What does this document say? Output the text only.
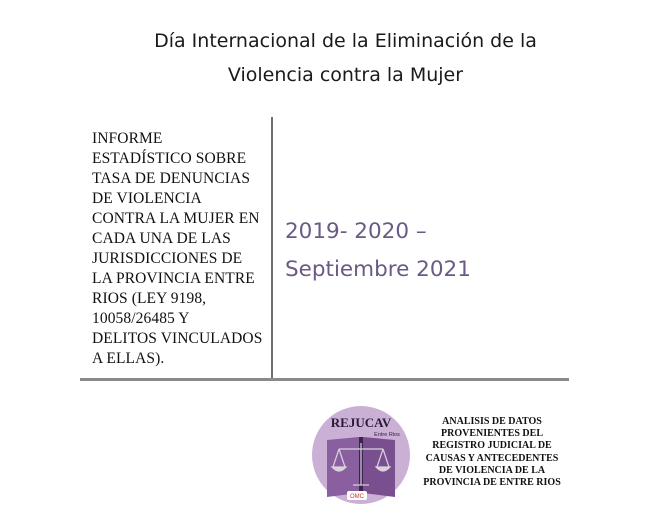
Día Internacional de la Eliminación de la
Violencia contra la Mujer
INFORME
ESTADÍSTICO SOBRE
TASA DE DENUNCIAS
DE VIOLENCIA
CONTRA LA MUJER EN
CADA UNA DE LAS
JURISDICCIONES DE
LA PROVINCIA ENTRE
RIOS (LEY 9198,
10058/26485 Y
DELITOS VINCULADOS
A ELLAS).
2019- 2020 –
Septiembre 2021
REJUCAV
Entre Rios
OMC
ANALISIS DE DATOS
PROVENIENTES DEL
REGISTRO JUDICIAL DE
CAUSAS Y ANTECEDENTES
DE VIOLENCIA DE LA
PROVINCIA DE ENTRE RIOS
